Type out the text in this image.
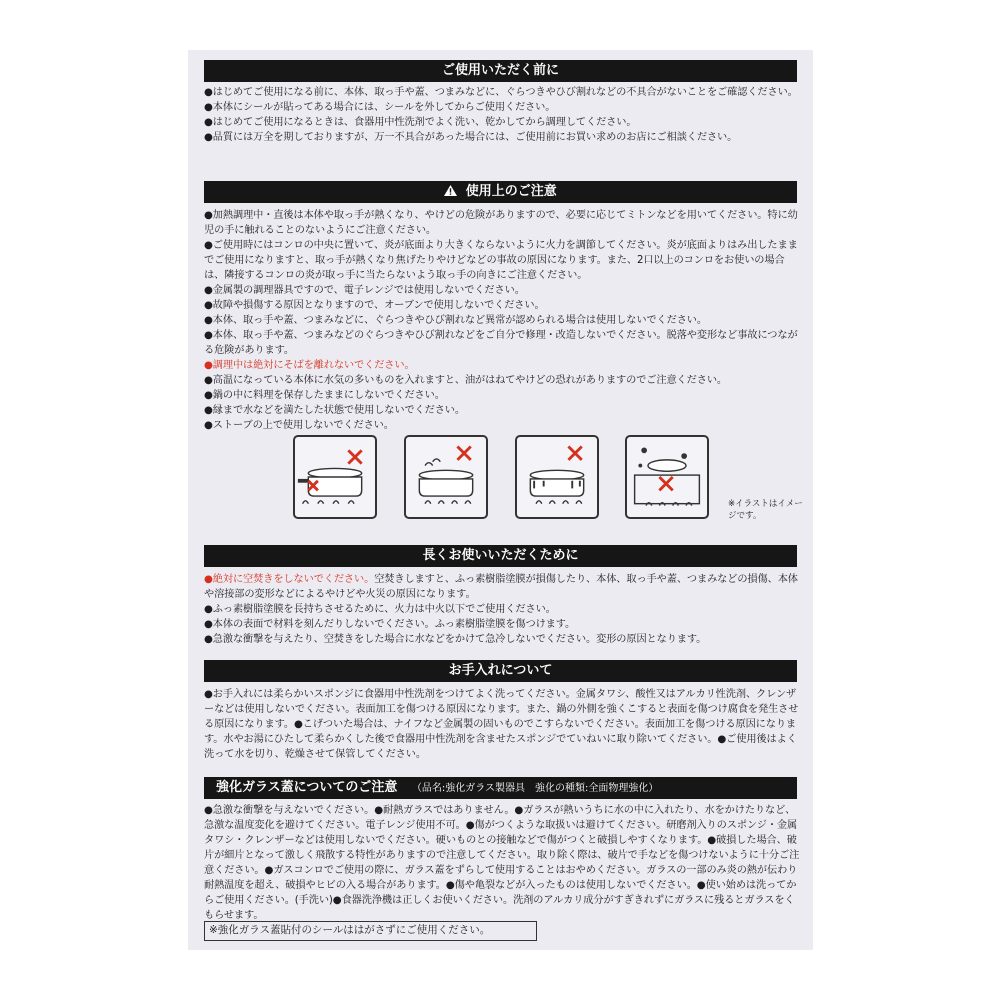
ご使用いただく前に

●はじめてご使用になる前に、本体、取っ手や蓋、つまみなどに、ぐらつきやひび割れなどの不具合がないことをご確認ください。

●本体にシールが貼ってある場合には、シールを外してからご使用ください。

●はじめてご使用になるときは、食器用中性洗剤でよく洗い、乾かしてから調理してください。

●品質には万全を期しておりますが、万一不具合があった場合には、ご使用前にお買い求めのお店にご相談ください。

使用上のご注意

●加熱調理中・直後は本体や取っ手が熱くなり、やけどの危険がありますので、必要に応じてミトンなどを用いてください。特に幼児の手に触れることのないようにご注意ください。

●ご使用時にはコンロの中央に置いて、炎が底面より大きくならないように火力を調節してください。炎が底面よりはみ出したままでご使用になりますと、取っ手が熱くなり焦げたりやけどなどの事故の原因になります。また、2口以上のコンロをお使いの場合は、隣接するコンロの炎が取っ手に当たらないよう取っ手の向きにご注意ください。

●金属製の調理器具ですので、電子レンジでは使用しないでください。

●故障や損傷する原因となりますので、オーブンで使用しないでください。

●本体、取っ手や蓋、つまみなどに、ぐらつきやひび割れなど異常が認められる場合は使用しないでください。

●本体、取っ手や蓋、つまみなどのぐらつきやひび割れなどをご自分で修理・改造しないでください。脱落や変形など事故につながる危険があります。

●調理中は絶対にそばを離れないでください。

●高温になっている本体に水気の多いものを入れますと、油がはねてやけどの恐れがありますのでご注意ください。

●鍋の中に料理を保存したままにしないでください。

●縁まで水などを満たした状態で使用しないでください。

●ストーブの上で使用しないでください。

※イラストはイメージです。
長くお使いいただくために

●絶対に空焚きをしないでください。空焚きしますと、ふっ素樹脂塗膜が損傷したり、本体、取っ手や蓋、つまみなどの損傷、本体や溶接部の変形などによるやけどや火災の原因になります。

●ふっ素樹脂塗膜を長持ちさせるために、火力は中火以下でご使用ください。

●本体の表面で材料を刻んだりしないでください。ふっ素樹脂塗膜を傷つけます。

●急激な衝撃を与えたり、空焚きをした場合に水などをかけて急冷しないでください。変形の原因となります。

お手入れについて

●お手入れには柔らかいスポンジに食器用中性洗剤をつけてよく洗ってください。金属タワシ、酸性又はアルカリ性洗剤、クレンザーなどは使用しないでください。表面加工を傷つける原因になります。また、鍋の外側を強くこすると表面を傷つけ腐食を発生させる原因になります。●こげついた場合は、ナイフなど金属製の固いものでこすらないでください。表面加工を傷つける原因になります。水やお湯にひたして柔らかくした後で食器用中性洗剤を含ませたスポンジでていねいに取り除いてください。●ご使用後はよく洗って水を切り、乾燥させて保管してください。

強化ガラス蓋についてのご注意 （品名:強化ガラス製器具　強化の種類:全面物理強化）

●急激な衝撃を与えないでください。●耐熱ガラスではありません。●ガラスが熱いうちに水の中に入れたり、水をかけたりなど、急激な温度変化を避けてください。電子レンジ使用不可。●傷がつくような取扱いは避けてください。研磨剤入りのスポンジ・金属タワシ・クレンザーなどは使用しないでください。硬いものとの接触などで傷がつくと破損しやすくなります。●破損した場合、破片が細片となって激しく飛散する特性がありますので注意してください。取り除く際は、破片で手などを傷つけないように十分ご注意ください。●ガスコンロでご使用の際に、ガラス蓋をずらして使用することはおやめください。ガラスの一部のみ炎の熱が伝わり耐熱温度を超え、破損やヒビの入る場合があります。●傷や亀裂などが入ったものは使用しないでください。●使い始めは洗ってからご使用ください。(手洗い)●食器洗浄機は正しくお使いください。洗剤のアルカリ成分がすぎきれずにガラスに残るとガラスをくもらせます。

※強化ガラス蓋貼付のシールははがさずにご使用ください。
